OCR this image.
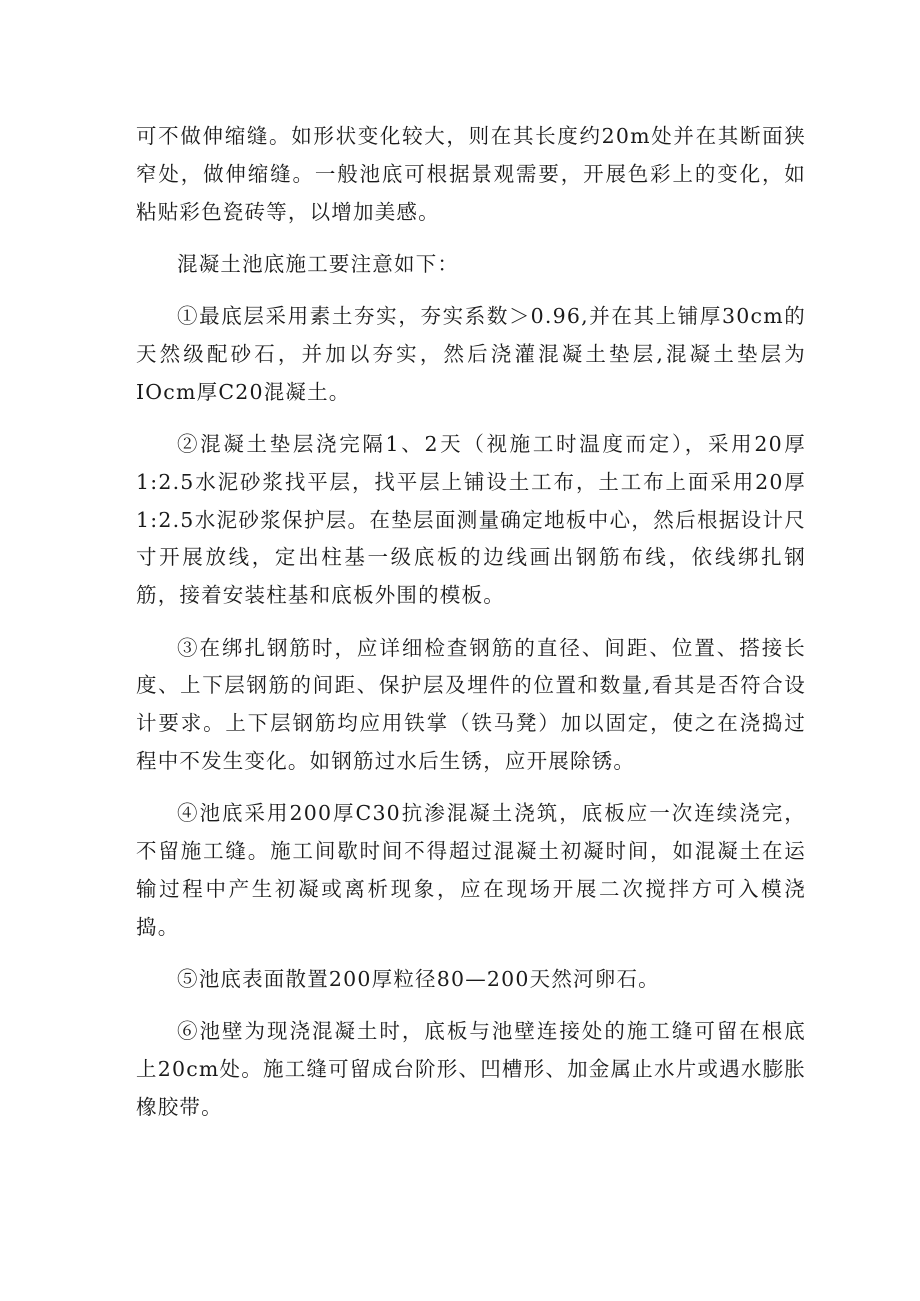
可不做伸缩缝。如形状变化较大，则在其长度约20m处并在其断面狭窄处，做伸缩缝。一般池底可根据景观需要，开展色彩上的变化，如粘贴彩色瓷砖等，以增加美感。

混凝土池底施工要注意如下：

①最底层采用素土夯实，夯实系数＞0.96,并在其上铺厚30cm的天然级配砂石，并加以夯实，然后浇灌混凝土垫层,混凝土垫层为IOcm厚C20混凝土。

②混凝土垫层浇完隔1、2天（视施工时温度而定），采用20厚1:2.5水泥砂浆找平层，找平层上铺设土工布，土工布上面采用20厚1:2.5水泥砂浆保护层。在垫层面测量确定地板中心，然后根据设计尺寸开展放线，定出柱基一级底板的边线画出钢筋布线，依线绑扎钢筋，接着安装柱基和底板外围的模板。

③在绑扎钢筋时，应详细检查钢筋的直径、间距、位置、搭接长度、上下层钢筋的间距、保护层及埋件的位置和数量,看其是否符合设计要求。上下层钢筋均应用铁掌（铁马凳）加以固定，使之在浇捣过程中不发生变化。如钢筋过水后生锈，应开展除锈。

④池底采用200厚C30抗渗混凝土浇筑，底板应一次连续浇完，不留施工缝。施工间歇时间不得超过混凝土初凝时间，如混凝土在运输过程中产生初凝或离析现象，应在现场开展二次搅拌方可入模浇捣。

⑤池底表面散置200厚粒径80—200天然河卵石。

⑥池壁为现浇混凝土时，底板与池壁连接处的施工缝可留在根底上20cm处。施工缝可留成台阶形、凹槽形、加金属止水片或遇水膨胀橡胶带。
